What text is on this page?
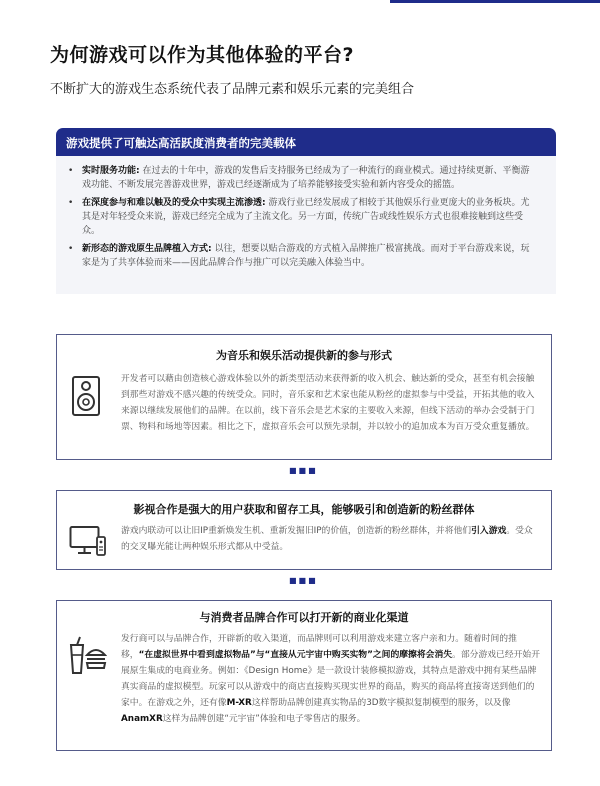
为何游戏可以作为其他体验的平台?
不断扩大的游戏生态系统代表了品牌元素和娱乐元素的完美组合
游戏提供了可触达高活跃度消费者的完美载体
• 实时服务功能: 在过去的十年中，游戏的发售后支持服务已经成为了一种流行的商业模式。通过持续更新、平衡游戏功能、不断发展完善游戏世界，游戏已经逐渐成为了培养能够接受实验和新内容受众的摇篮。
• 在深度参与和难以触及的受众中实现主流渗透: 游戏行业已经发展成了相较于其他娱乐行业更庞大的业务板块。尤其是对年轻受众来说，游戏已经完全成为了主流文化。另一方面，传统广告或线性娱乐方式也很难接触到这些受众。
• 新形态的游戏原生品牌植入方式: 以往，想要以贴合游戏的方式植入品牌推广极富挑战。而对于平台游戏来说，玩家是为了共享体验而来——因此品牌合作与推广可以完美融入体验当中。
为音乐和娱乐活动提供新的参与形式

开发者可以藉由创造核心游戏体验以外的新类型活动来获得新的收入机会、触达新的受众，甚至有机会接触到那些对游戏不感兴趣的传统受众。同时，音乐家和艺术家也能从粉丝的虚拟参与中受益，开拓其他的收入来源以继续发展他们的品牌。在以前，线下音乐会是艺术家的主要收入来源，但线下活动的举办会受制于门票、物料和场地等因素。相比之下，虚拟音乐会可以预先录制，并以较小的追加成本为百万受众重复播放。

■■■
影视合作是强大的用户获取和留存工具，能够吸引和创造新的粉丝群体

游戏内联动可以让旧IP重新焕发生机、重新发掘旧IP的价值，创造新的粉丝群体，并将他们引入游戏。受众的交叉曝光能让两种娱乐形式都从中受益。

■■■
与消费者品牌合作可以打开新的商业化渠道

发行商可以与品牌合作，开辟新的收入渠道，而品牌则可以利用游戏来建立客户亲和力。随着时间的推移，“在虚拟世界中看到虚拟物品”与“直接从元宇宙中购买实物”之间的摩擦将会消失。部分游戏已经开始开展原生集成的电商业务。例如：《Design Home》是一款设计装修模拟游戏，其特点是游戏中拥有某些品牌真实商品的虚拟模型。玩家可以从游戏中的商店直接购买现实世界的商品，购买的商品将直接寄送到他们的家中。在游戏之外，还有像M-XR这样帮助品牌创建真实物品的3D数字模拟复制模型的服务，以及像AnamXR这样为品牌创建“元宇宙”体验和电子零售店的服务。
